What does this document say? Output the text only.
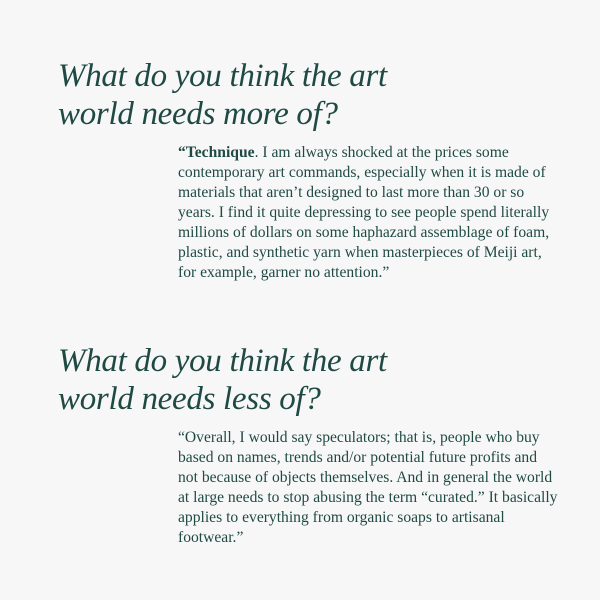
What do you think the art
world needs more of?

“Technique. I am always shocked at the prices some contemporary art commands, especially when it is made of materials that aren’t designed to last more than 30 or so years. I find it quite depressing to see people spend literally millions of dollars on some haphazard assemblage of foam, plastic, and synthetic yarn when masterpieces of Meiji art, for example, garner no attention.”

What do you think the art
world needs less of?

“Overall, I would say speculators; that is, people who buy based on names, trends and/or potential future profits and not because of objects themselves. And in general the world at large needs to stop abusing the term “curated.” It basically applies to everything from organic soaps to artisanal footwear.”
